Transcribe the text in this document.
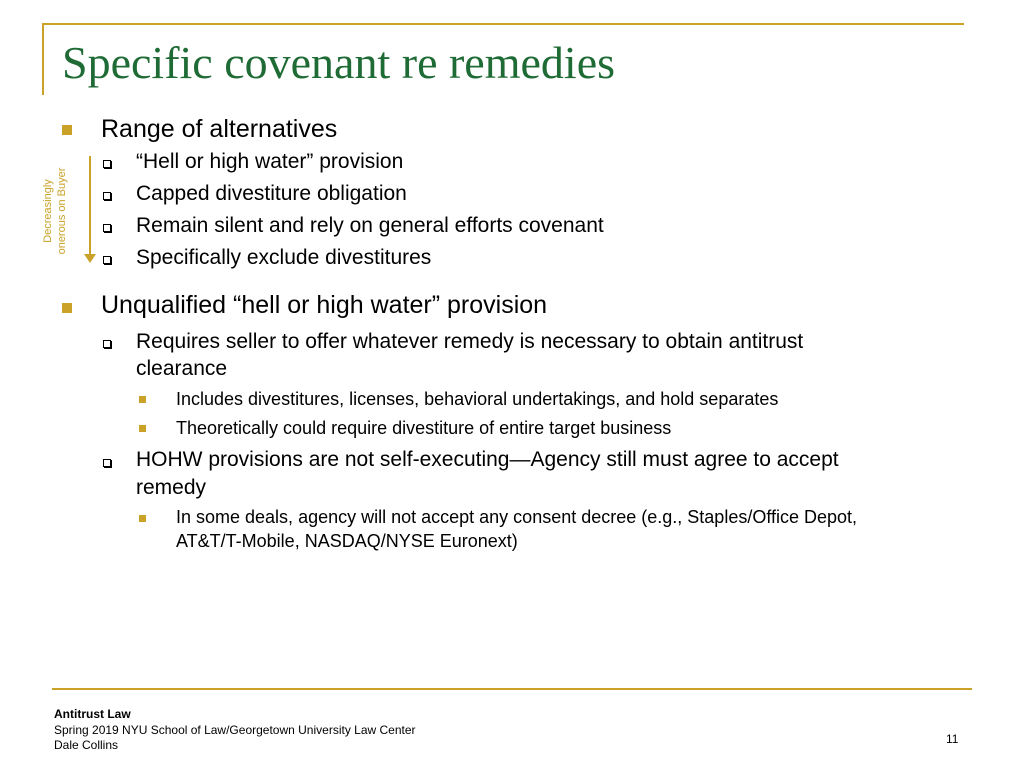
Specific covenant re remedies
Decreasingly onerous on Buyer
Range of alternatives
“Hell or high water” provision
Capped divestiture obligation
Remain silent and rely on general efforts covenant
Specifically exclude divestitures
Unqualified “hell or high water” provision
Requires seller to offer whatever remedy is necessary to obtain antitrust
clearance
Includes divestitures, licenses, behavioral undertakings, and hold separates
Theoretically could require divestiture of entire target business
HOHW provisions are not self-executing—Agency still must agree to accept
remedy
In some deals, agency will not accept any consent decree (e.g., Staples/Office Depot,
AT&T/T-Mobile, NASDAQ/NYSE Euronext)
Antitrust Law
Spring 2019 NYU School of Law/Georgetown University Law Center
Dale Collins	11
